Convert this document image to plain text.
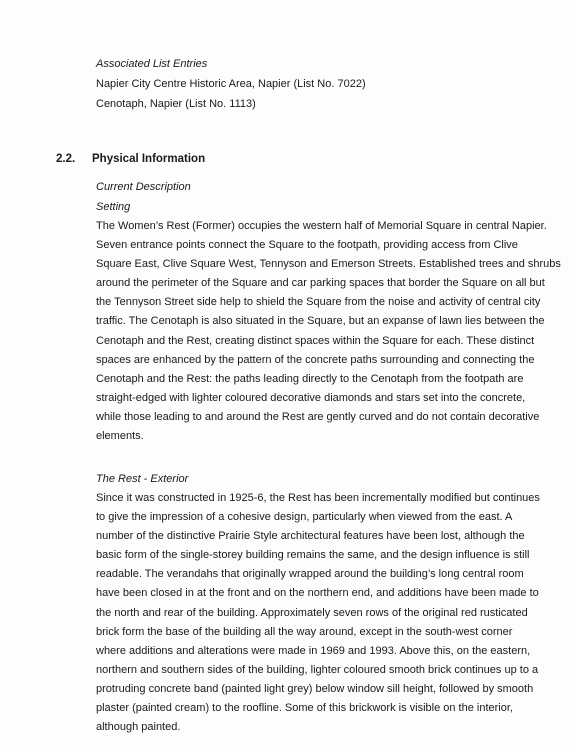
Associated List Entries
Napier City Centre Historic Area, Napier (List No. 7022)
Cenotaph, Napier (List No. 1113)
2.2. Physical Information
Current Description
Setting
The Women’s Rest (Former) occupies the western half of Memorial Square in central Napier.
Seven entrance points connect the Square to the footpath, providing access from Clive
Square East, Clive Square West, Tennyson and Emerson Streets. Established trees and shrubs
around the perimeter of the Square and car parking spaces that border the Square on all but
the Tennyson Street side help to shield the Square from the noise and activity of central city
traffic. The Cenotaph is also situated in the Square, but an expanse of lawn lies between the
Cenotaph and the Rest, creating distinct spaces within the Square for each. These distinct
spaces are enhanced by the pattern of the concrete paths surrounding and connecting the
Cenotaph and the Rest: the paths leading directly to the Cenotaph from the footpath are
straight-edged with lighter coloured decorative diamonds and stars set into the concrete,
while those leading to and around the Rest are gently curved and do not contain decorative
elements.
The Rest - Exterior
Since it was constructed in 1925-6, the Rest has been incrementally modified but continues
to give the impression of a cohesive design, particularly when viewed from the east. A
number of the distinctive Prairie Style architectural features have been lost, although the
basic form of the single-storey building remains the same, and the design influence is still
readable. The verandahs that originally wrapped around the building’s long central room
have been closed in at the front and on the northern end, and additions have been made to
the north and rear of the building. Approximately seven rows of the original red rusticated
brick form the base of the building all the way around, except in the south-west corner
where additions and alterations were made in 1969 and 1993. Above this, on the eastern,
northern and southern sides of the building, lighter coloured smooth brick continues up to a
protruding concrete band (painted light grey) below window sill height, followed by smooth
plaster (painted cream) to the roofline. Some of this brickwork is visible on the interior,
although painted.
